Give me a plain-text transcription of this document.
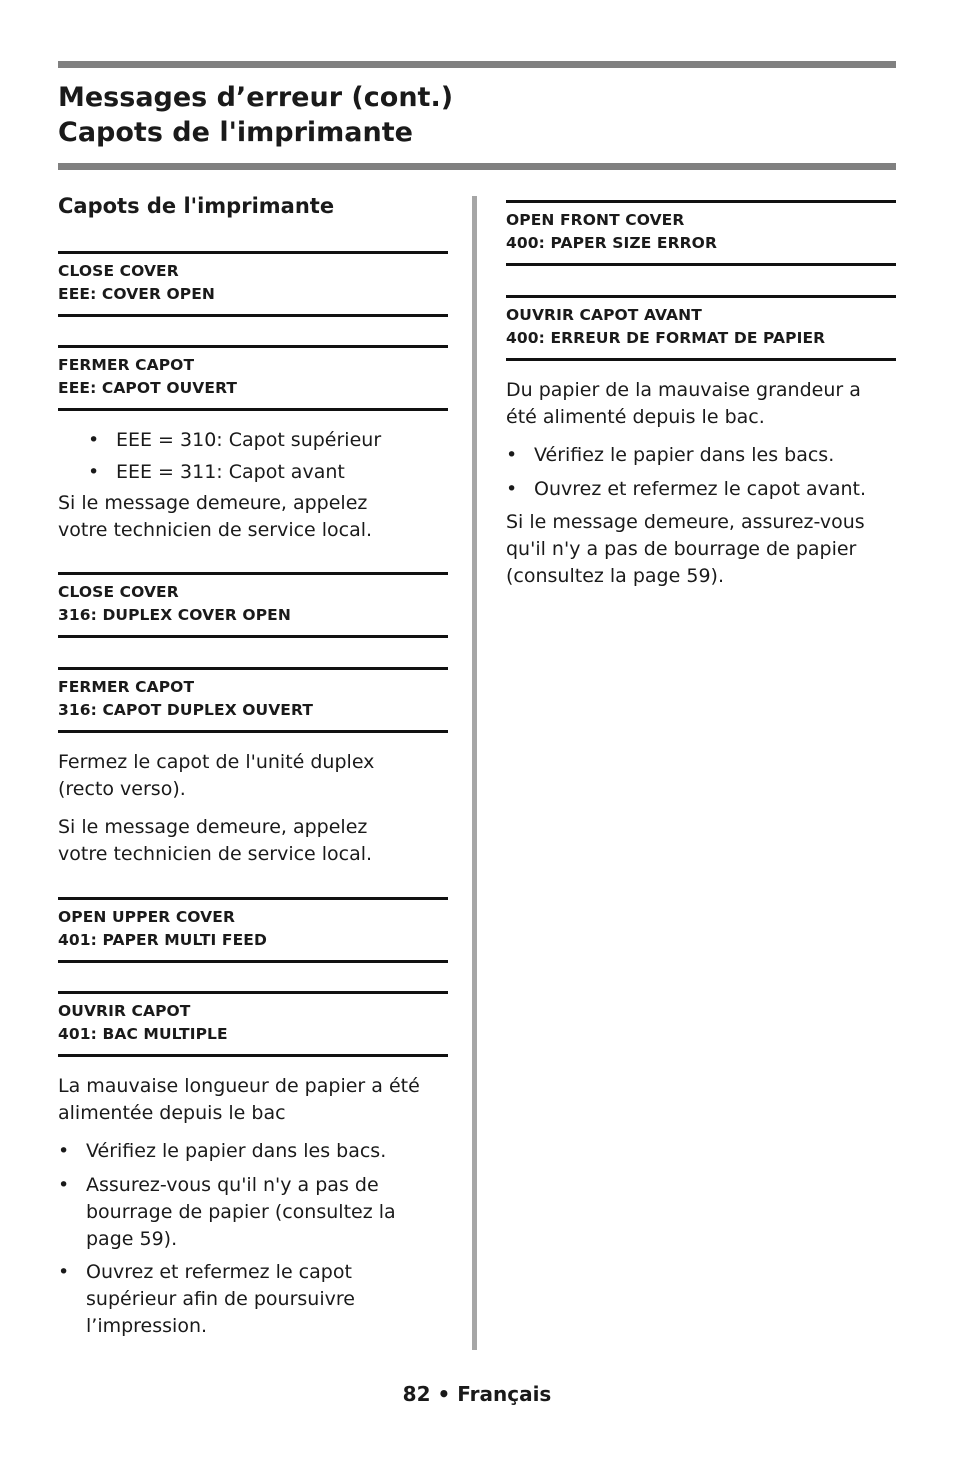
Messages d’erreur (cont.)
Capots de l'imprimante
Capots de l'imprimante
CLOSE COVER
EEE: COVER OPEN
FERMER CAPOT
EEE: CAPOT OUVERT
• EEE = 310: Capot supérieur
• EEE = 311: Capot avant

Si le message demeure, appelez
votre technicien de service local.

CLOSE COVER
316: DUPLEX COVER OPEN
FERMER CAPOT
316: CAPOT DUPLEX OUVERT

Fermez le capot de l'unité duplex
(recto verso).

Si le message demeure, appelez
votre technicien de service local.

OPEN UPPER COVER
401: PAPER MULTI FEED
OUVRIR CAPOT
401: BAC MULTIPLE

La mauvaise longueur de papier a été
alimentée depuis le bac

• Vérifiez le papier dans les bacs.
• Assurez-vous qu'il n'y a pas de
bourrage de papier (consultez la
page 59).
• Ouvrez et refermez le capot
supérieur afin de poursuivre
l’impression.
OPEN FRONT COVER
400: PAPER SIZE ERROR
OUVRIR CAPOT AVANT
400: ERREUR DE FORMAT DE PAPIER

Du papier de la mauvaise grandeur a
été alimenté depuis le bac.

• Vérifiez le papier dans les bacs.
• Ouvrez et refermez le capot avant.

Si le message demeure, assurez-vous
qu'il n'y a pas de bourrage de papier
(consultez la page 59).

82 • Français
